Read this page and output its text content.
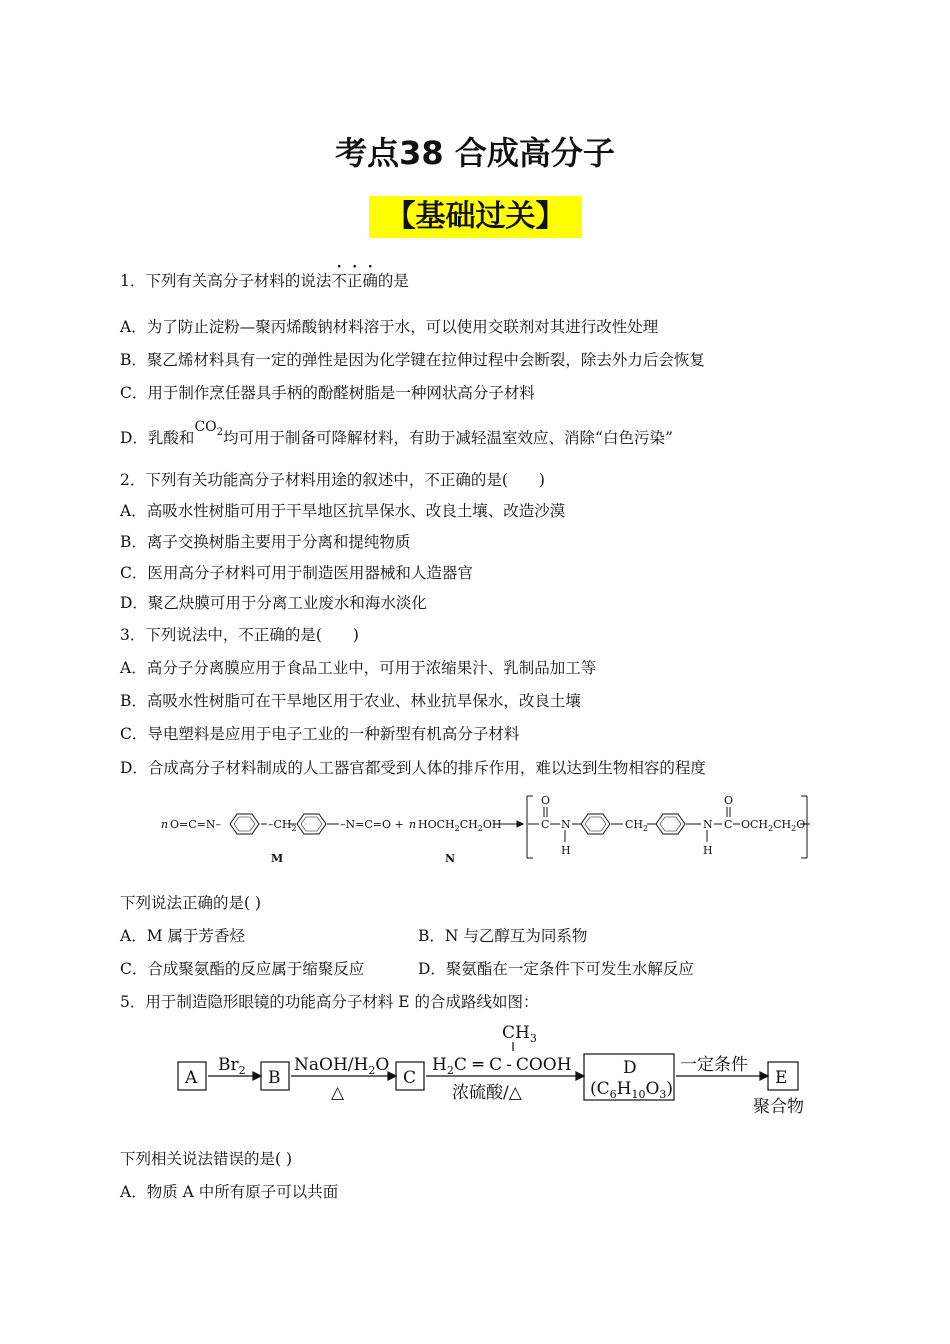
考点38 合成高分子
【基础过关】
1．下列有关高分子材料的说法不正确的是
A．为了防止淀粉—聚丙烯酸钠材料溶于水，可以使用交联剂对其进行改性处理
B．聚乙烯材料具有一定的弹性是因为化学键在拉伸过程中会断裂，除去外力后会恢复
C．用于制作烹任器具手柄的酚醛树脂是一种网状高分子材料
D．乳酸和$CO_2$均可用于制备可降解材料，有助于减轻温室效应、消除“白色污染”
2．下列有关功能高分子材料用途的叙述中，不正确的是(　　)
A．高吸水性树脂可用于干旱地区抗旱保水、改良土壤、改造沙漠
B．离子交换树脂主要用于分离和提纯物质
C．医用高分子材料可用于制造医用器械和人造器官
D．聚乙炔膜可用于分离工业废水和海水淡化
3．下列说法中，不正确的是(　　)
A．高分子分离膜应用于食品工业中，可用于浓缩果汁、乳制品加工等
B．高吸水性树脂可在干旱地区用于农业、林业抗旱保水，改良土壤
C．导电塑料是应用于电子工业的一种新型有机高分子材料
D．合成高分子材料制成的人工器官都受到人体的排斥作用，难以达到生物相容的程度
n O=C=N–	$-CH_2$	–N=C=O + n $HOCH_2CH_2OH$
M	N
O
C N
H
$CH_2$	N
H
O
C $OCH_2CH_2O$
下列说法正确的是( )
A．M 属于芳香烃	B．N 与乙醇互为同系物
C．合成聚氨酯的反应属于缩聚反应	D．聚氨酯在一定条件下可发生水解反应
5．用于制造隐形眼镜的功能高分子材料 E 的合成路线如图：
A	B	C	D	E
$Br_2$	NaOH/$H_2O$
△
$CH_3$
$H_2C$ ═ C - COOH
浓硫酸/△	$(C_6H_{10}O_3)$
一定条件
聚合物
下列相关说法错误的是( )
A．物质 A 中所有原子可以共面
